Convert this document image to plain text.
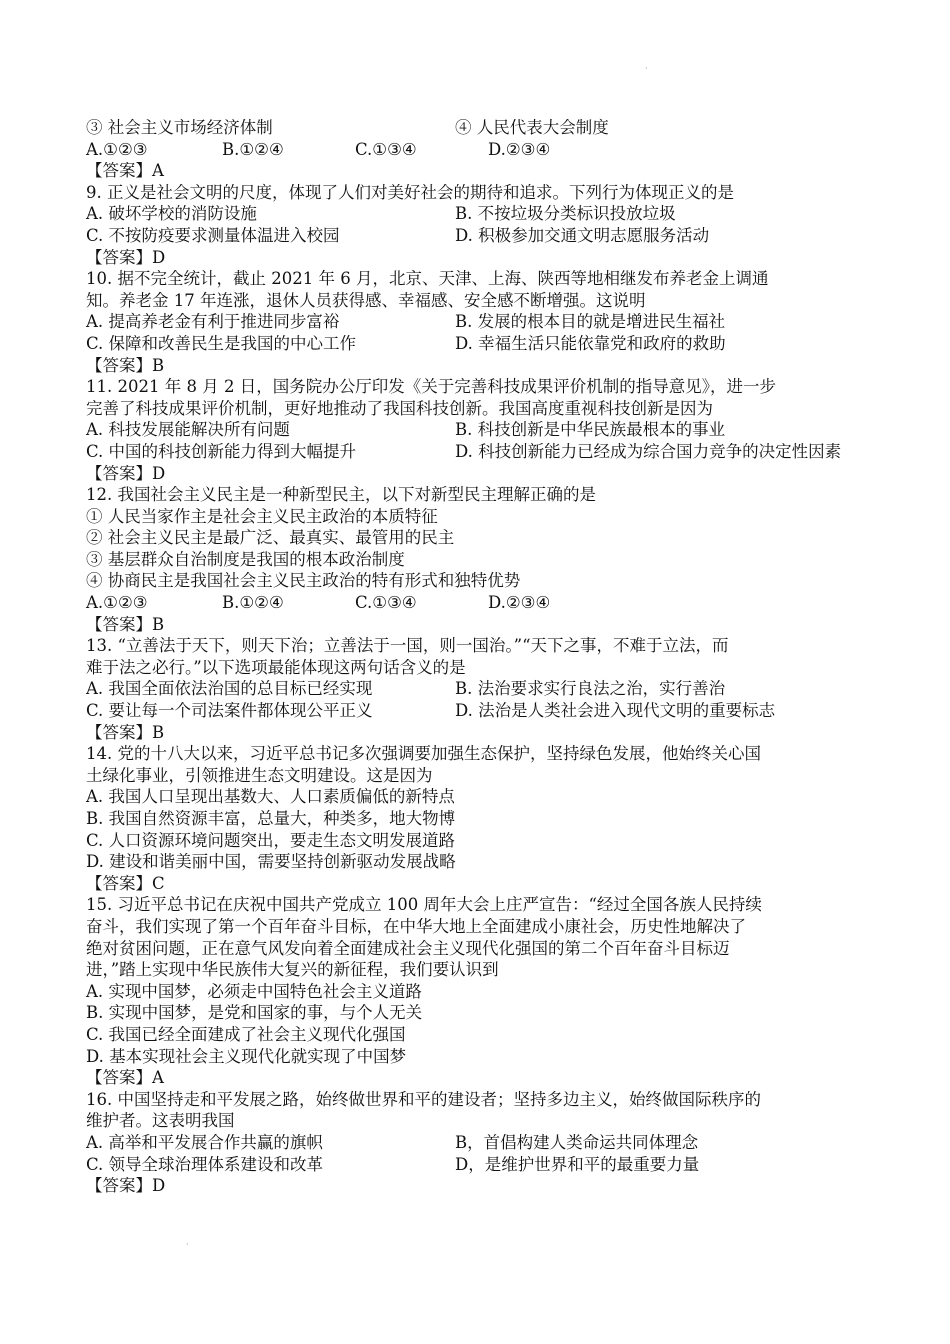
·
③ 社会主义市场经济体制	④ 人民代表大会制度
A.①②③	B.①②④	C.①③④	D.②③④
【答案】A
9. 正义是社会文明的尺度，体现了人们对美好社会的期待和追求。下列行为体现正义的是
A. 破坏学校的消防设施	B. 不按垃圾分类标识投放垃圾
C. 不按防疫要求测量体温进入校园	D. 积极参加交通文明志愿服务活动
【答案】D
10. 据不完全统计，截止 2021 年 6 月，北京、天津、上海、陕西等地相继发布养老金上调通
知。养老金 17 年连涨，退休人员获得感、幸福感、安全感不断增强。这说明
A. 提高养老金有利于推进同步富裕	B. 发展的根本目的就是增进民生福社
C. 保障和改善民生是我国的中心工作	D. 幸福生活只能依靠党和政府的救助
【答案】B
11. 2021 年 8 月 2 日，国务院办公厅印发《关于完善科技成果评价机制的指导意见》，进一步
完善了科技成果评价机制，更好地推动了我国科技创新。我国高度重视科技创新是因为
A. 科技发展能解决所有问题	B. 科技创新是中华民族最根本的事业
C. 中国的科技创新能力得到大幅提升	D. 科技创新能力已经成为综合国力竞争的决定性因素
【答案】D
12. 我国社会主义民主是一种新型民主，以下对新型民主理解正确的是
① 人民当家作主是社会主义民主政治的本质特征
② 社会主义民主是最广泛、最真实、最管用的民主
③ 基层群众自治制度是我国的根本政治制度
④ 协商民主是我国社会主义民主政治的特有形式和独特优势
A.①②③	B.①②④	C.①③④	D.②③④
【答案】B
13. “立善法于天下，则天下治；立善法于一国，则一国治。”“天下之事，不难于立法，而
难于法之必行。”以下选项最能体现这两句话含义的是
A. 我国全面依法治国的总目标已经实现	B. 法治要求实行良法之治，实行善治
C. 要让每一个司法案件都体现公平正义	D. 法治是人类社会进入现代文明的重要标志
【答案】B
14. 党的十八大以来，习近平总书记多次强调要加强生态保护，坚持绿色发展，他始终关心国
土绿化事业，引领推进生态文明建设。这是因为
A. 我国人口呈现出基数大、人口素质偏低的新特点
B. 我国自然资源丰富，总量大，种类多，地大物博
C. 人口资源环境问题突出，要走生态文明发展道路
D. 建设和谐美丽中国，需要坚持创新驱动发展战略
【答案】C
15. 习近平总书记在庆祝中国共产党成立 100 周年大会上庄严宣告：“经过全国各族人民持续
奋斗，我们实现了第一个百年奋斗目标，在中华大地上全面建成小康社会，历史性地解决了
绝对贫困问题，正在意气风发向着全面建成社会主义现代化强国的第二个百年奋斗目标迈
进，”踏上实现中华民族伟大复兴的新征程，我们要认识到
A. 实现中国梦，必须走中国特色社会主义道路
B. 实现中国梦，是党和国家的事，与个人无关
C. 我国已经全面建成了社会主义现代化强国
D. 基本实现社会主义现代化就实现了中国梦
【答案】A
16. 中国坚持走和平发展之路，始终做世界和平的建设者；坚持多边主义，始终做国际秩序的
维护者。这表明我国
A. 高举和平发展合作共赢的旗帜	B，首倡构建人类命运共同体理念
C. 领导全球治理体系建设和改革	D，是维护世界和平的最重要力量
【答案】D
·
